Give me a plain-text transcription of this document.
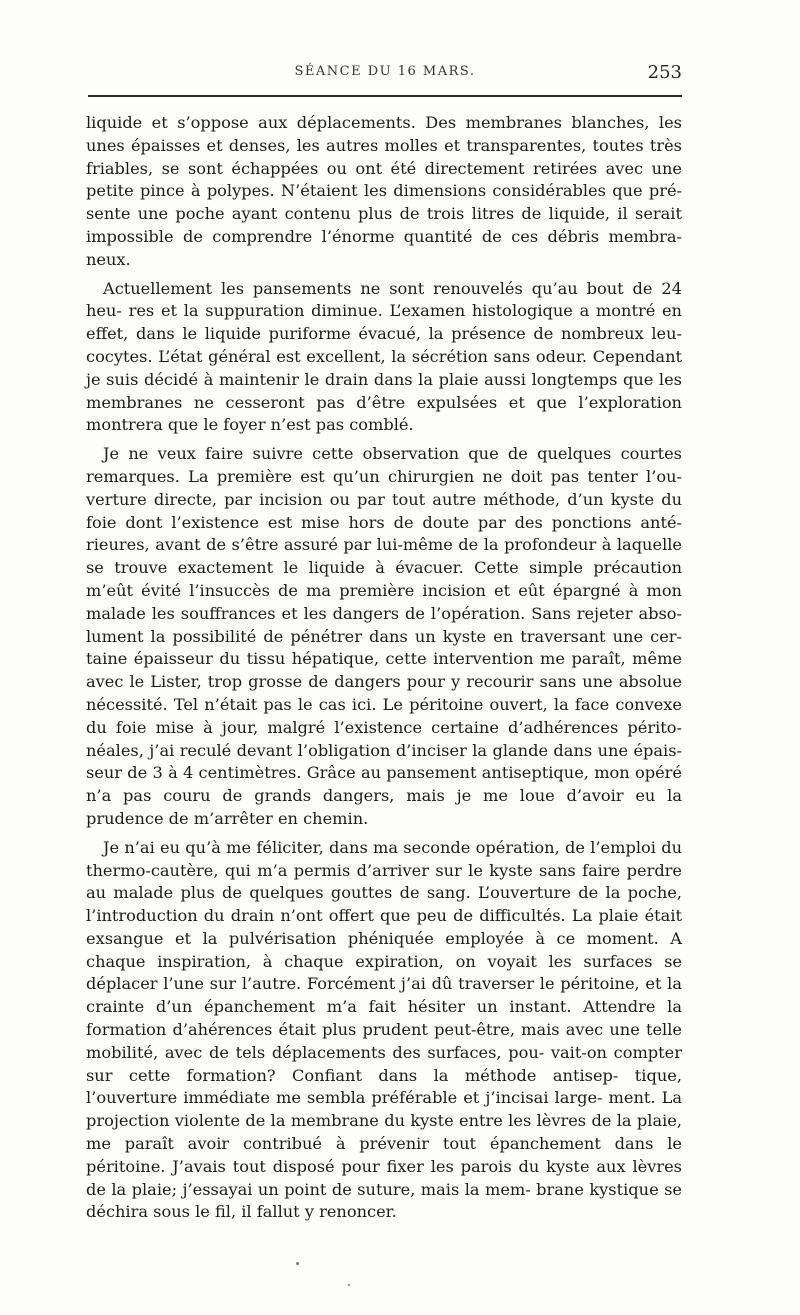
SÉANCE DU 16 MARS.	253

liquide et s’oppose aux déplacements. Des membranes blanches, les unes épaisses et denses, les autres molles et transparentes, toutes très friables, se sont échappées ou ont été directement retirées avec une petite pince à polypes. N’étaient les dimensions considérables que pré- sente une poche ayant contenu plus de trois litres de liquide, il serait impossible de comprendre l’énorme quantité de ces débris membra- neux.

Actuellement les pansements ne sont renouvelés qu’au bout de 24 heu- res et la suppuration diminue. L’examen histologique a montré en effet, dans le liquide puriforme évacué, la présence de nombreux leu- cocytes. L’état général est excellent, la sécrétion sans odeur. Cependant je suis décidé à maintenir le drain dans la plaie aussi longtemps que les membranes ne cesseront pas d’être expulsées et que l’exploration montrera que le foyer n’est pas comblé.

Je ne veux faire suivre cette observation que de quelques courtes remarques. La première est qu’un chirurgien ne doit pas tenter l’ou- verture directe, par incision ou par tout autre méthode, d’un kyste du foie dont l’existence est mise hors de doute par des ponctions anté- rieures, avant de s’être assuré par lui-même de la profondeur à laquelle se trouve exactement le liquide à évacuer. Cette simple précaution m’eût évité l’insuccès de ma première incision et eût épargné à mon malade les souffrances et les dangers de l’opération. Sans rejeter abso- lument la possibilité de pénétrer dans un kyste en traversant une cer- taine épaisseur du tissu hépatique, cette intervention me paraît, même avec le Lister, trop grosse de dangers pour y recourir sans une absolue nécessité. Tel n’était pas le cas ici. Le péritoine ouvert, la face convexe du foie mise à jour, malgré l’existence certaine d’adhérences périto- néales, j’ai reculé devant l’obligation d’inciser la glande dans une épais- seur de 3 à 4 centimètres. Grâce au pansement antiseptique, mon opéré n’a pas couru de grands dangers, mais je me loue d’avoir eu la prudence de m’arrêter en chemin.

Je n’ai eu qu’à me féliciter, dans ma seconde opération, de l’emploi du thermo-cautère, qui m’a permis d’arriver sur le kyste sans faire perdre au malade plus de quelques gouttes de sang. L’ouverture de la poche, l’introduction du drain n’ont offert que peu de difficultés. La plaie était exsangue et la pulvérisation phéniquée employée à ce moment. A chaque inspiration, à chaque expiration, on voyait les surfaces se déplacer l’une sur l’autre. Forcément j’ai dû traverser le péritoine, et la crainte d’un épanchement m’a fait hésiter un instant. Attendre la formation d’ahérences était plus prudent peut-être, mais avec une telle mobilité, avec de tels déplacements des surfaces, pou- vait-on compter sur cette formation? Confiant dans la méthode antisep- tique, l’ouverture immédiate me sembla préférable et j’incisai large- ment. La projection violente de la membrane du kyste entre les lèvres de la plaie, me paraît avoir contribué à prévenir tout épanchement dans le péritoine. J’avais tout disposé pour fixer les parois du kyste aux lèvres de la plaie; j’essayai un point de suture, mais la mem- brane kystique se déchira sous le fil, il fallut y renoncer.
